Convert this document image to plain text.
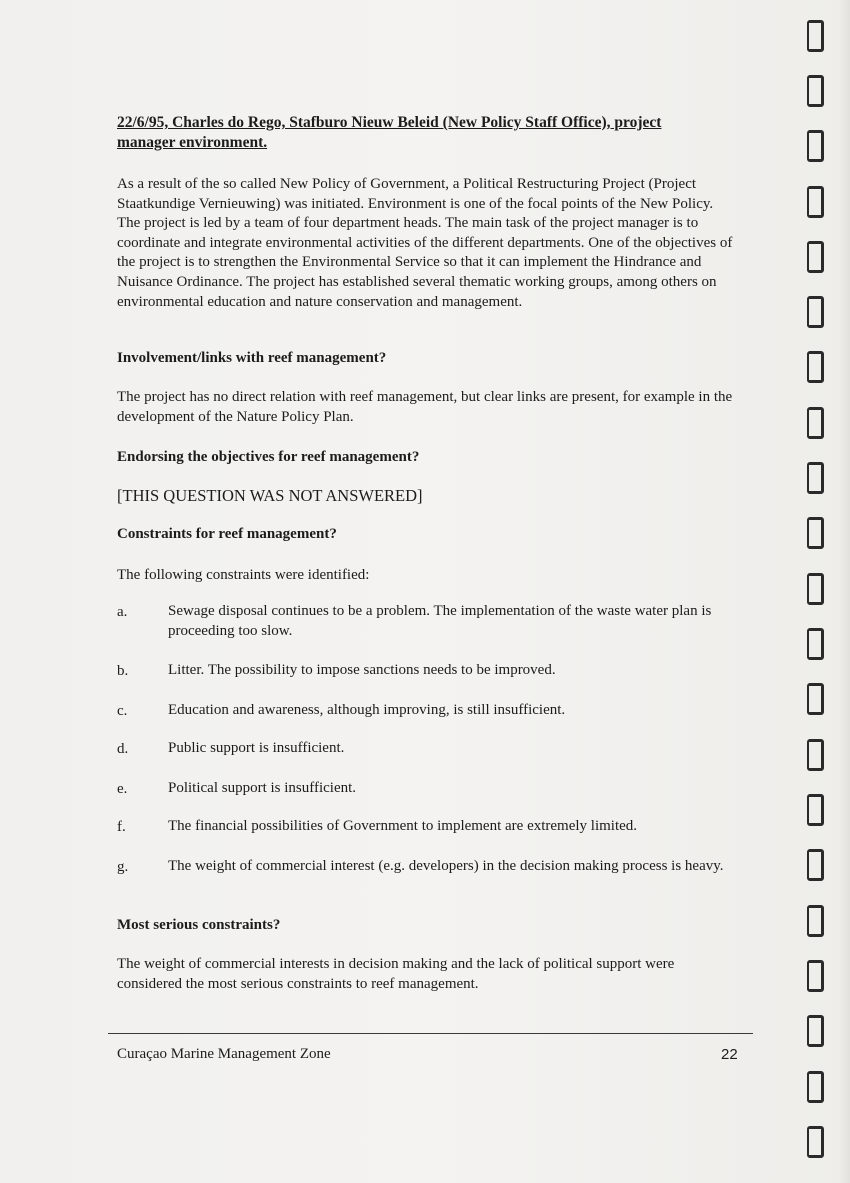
22/6/95, Charles do Rego, Stafburo Nieuw Beleid (New Policy Staff Office), project manager environment.
As a result of the so called New Policy of Government, a Political Restructuring Project (Project Staatkundige Vernieuwing) was initiated. Environment is one of the focal points of the New Policy. The project is led by a team of four department heads. The main task of the project manager is to coordinate and integrate environmental activities of the different departments. One of the objectives of the project is to strengthen the Environmental Service so that it can implement the Hindrance and Nuisance Ordinance. The project has established several thematic working groups, among others on environmental education and nature conservation and management.
Involvement/links with reef management?
The project has no direct relation with reef management, but clear links are present, for example in the development of the Nature Policy Plan.
Endorsing the objectives for reef management?
[THIS QUESTION WAS NOT ANSWERED]
Constraints for reef management?
The following constraints were identified:
a.	Sewage disposal continues to be a problem. The implementation of the waste water plan is proceeding too slow.
b.	Litter. The possibility to impose sanctions needs to be improved.
c.	Education and awareness, although improving, is still insufficient.
d.	Public support is insufficient.
e.	Political support is insufficient.
f.	The financial possibilities of Government to implement are extremely limited.
g.	The weight of commercial interest (e.g. developers) in the decision making process is heavy.
Most serious constraints?
The weight of commercial interests in decision making and the lack of political support were considered the most serious constraints to reef management.
Curaçao Marine Management Zone	22
